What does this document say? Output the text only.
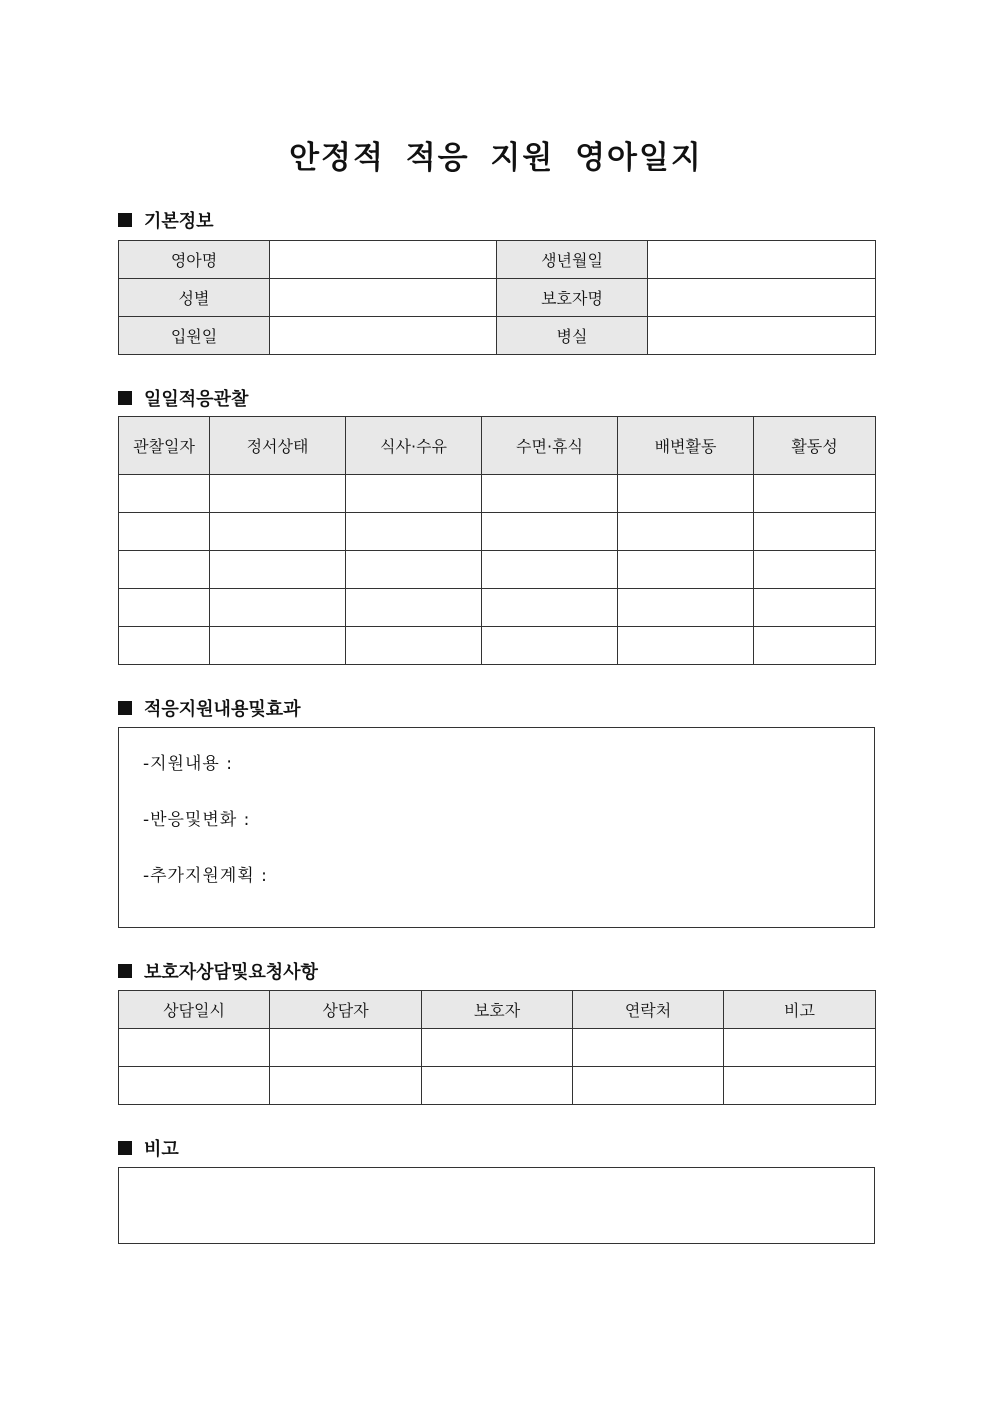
안정적 적응 지원 영아일지
기본정보
영아명		생년월일	
성별		보호자명	
입원일		병실	
일일적응관찰
관찰일자	정서상태	식사·수유	수면·휴식	배변활동	활동성

적응지원내용및효과
-지원내용 :
-반응및변화 :
-추가지원계획 :
보호자상담및요청사항
상담일시	상담자	보호자	연락처	비고

비고
